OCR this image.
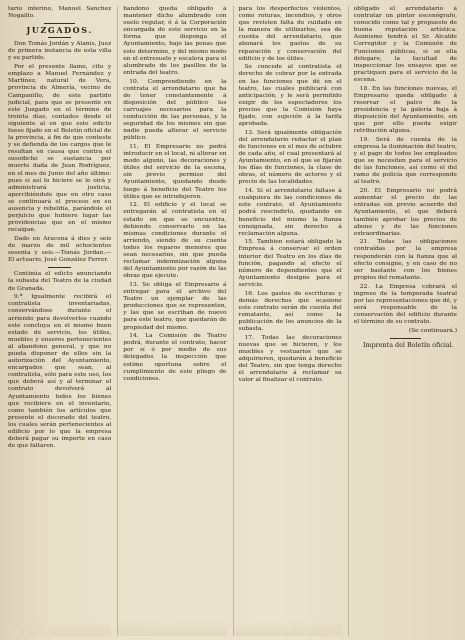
tario interino, Manuel Sanchez Nogaillo.

JUZGADOS.

Don Tomás Jordán y Alanis, Juez de primera instancia de esta villa y su partido.

Por el presente llamo, cito y emplazo a Manuel Fernández y Martínez, natural de Vera, provincia de Almería, vecino de Campanillo, de este partido judicial, para que se presente en este Juzgado en el término de treinta días, contados desde el siguiente al en que este edicto fuese fijado en el Boletín oficial de la provincia, á fin de que conteste y se defienda de los cargos que le resultan en causa que contra el susodicho se sustancia por muerte dada de Juan Rodríguez, en el mes de Junio del año último: pues si así lo hiciere se le oirá y administrará justicia, apercibiéndole que en otro caso se continuará el proceso en su ausencia y rebeldía, parándole el perjuicio que hubiere lugar las providencias que en el mismo recaigan.

Dado en Aracena á dies y seis de marzo de mil ochocientos sesenta y seis.—Tomás Jordan.—El actuario, José González Ferrer.

Continúa el edicto anunciando la subasta del Teatro de la ciudad de Granada.

9.ª Igualmente recibirá el contratista inventariadas, conservándose durante el arriendo para devolverlos cuando este concluya en el mismo buen estado de servicio, los útiles, muebles y enseres pertenecientes al abandono general, y que no pueda disponer de ellos sin la autorización del Ayuntamiento, encargados que sean, al contratista, sólo para este uso, los que deberá así y al terminar el contrato devolverá al Ayuntamiento todos los bienes que recibiere en el inventario, como también los artículos que presente el decorado del teatro, los cuales serán pertenecientes al edificio por lo que la empresa deberá pagar su importe en caso de que faltaren.

bandono queda obligado á mantener dicho alumbrado con suelo regular, ó á la Corporación encargada de este servicio en la forma que disponga el Ayuntamiento, bajo las penas que este determine, y del mismo modo en el entresuelo y escalera para el alumbrado de los pasillos de la entrada del teatro.

10. Comprendiendo en la contrata el arrendatario que ha de tener constantemente á disposición del público los carruajes necesarios para la conducción de las personas, y la seguridad de los mismos sin que nadie pueda alterar el servicio público.

11. El Empresario no podrá introducir en el local, ni alterar en modo alguno, las decoraciones y útiles del servicio de la escena, sin previo permiso del Ayuntamiento, quedando desde luego á beneficio del Teatro los útiles que se introdujeren.

12. El edificio y el local se entregarán al contratista en el estado en que se encuentra, debiendo conservarlo en las mismas condiciones durante el arriendo, siendo de su cuenta todos los reparos menores que sean necesarios, sin que pueda reclamar indemnización alguna del Ayuntamiento por razón de las obras que ejecute.

13. Se obliga el Empresario á entregar para el archivo del Teatro un ejemplar de las producciones que se representen, y las que se escriban de nuevo para este teatro, que quedarán de propiedad del mismo.

14. La Comisión de Teatro podrá, durante el contrato, hacer por sí ó por medio de sus delegados la inspección que estime oportuna sobre el cumplimiento de este pliego de condiciones.

para los desperfectos violentos, como roturas, incendios, y otros que revisten falta de cuidado en la manera de utilizarlos, sea de cuenta del arrendatario, que abonará los gastos de su reparación y conservación del edificio y de los útiles.

Se concede al contratista el derecho de cobrar por la entrada en las funciones que dé en el teatro, las cuales publicará con anticipación, y le será permitido exigir de los espectadores los precios que la Comisión haya fijado, con sujeción á la tarifa aprobada.

13. Será igualmente obligación del arrendatario redactar el plan de funciones en el mes de octubre de cada año, el cual presentará al Ayuntamiento, en el que se fijarán los días de funciones, la clase de obras, el número de actores y el precio de las localidades.

14. Si el arrendatario faltase á cualquiera de las condiciones de este contrato, el Ayuntamiento podrá rescindirlo, quedando en beneficio del mismo la fianza consignada, sin derecho á reclamación alguna.

15. Tambien estará obligado la Empresa á conservar el orden interior del Teatro en los días de función, pagando al efecto el número de dependientes que el Ayuntamiento designe para el servicio.

16. Los gastos de escrituras y demás derechos que ocasione este contrato serán de cuenta del rematante, así como la publicación de los anuncios de la subasta.

17. Todas las decoraciones nuevas que se hicieren, y los muebles y vestuarios que se adquirieren, quedarán á beneficio del Teatro, sin que tenga derecho el arrendatario á reclamar su valor al finalizar el contrato.

obligado el arrendatario á contratar un pintor escenógrafo, conocido como tal y propuesto de buena reputación artística. Asimismo tendrá el Sr. Alcalde Corregidor y la Comisión de Funciones públicas, si se ella delegare, la facultad de inspeccionar los ensayos que se practiquen para el servicio de la escena.

18. En las funciones nuevas, el Empresario queda obligado á reservar el palco de la presidencia y la galería baja á disposición del Ayuntamiento, sin que por ello pueda exigir retribución alguna.

19. Será de cuenta de la empresa la iluminación del teatro, y el pago de todos los empleados que se necesiten para el servicio de las funciones, así como el del ramo de policía que corresponde al teatro.

20. El Empresario no podrá aumentar el precio de las entradas sin previo acuerdo del Ayuntamiento, el que deberá también aprobar los precios de abono y de las funciones extraordinarias.

21. Todas las obligaciones contraídas por la empresa responderán con la fianza que al efecto consigne, y en caso de no ser bastante con los bienes propios del rematante.

22. La Empresa cobrará el ingreso de la temporada teatral por las representaciones que dé, y será responsable de la conservación del edificio durante el término de su contrato.

(Se continuará.)

Imprenta del Boletín oficial.
